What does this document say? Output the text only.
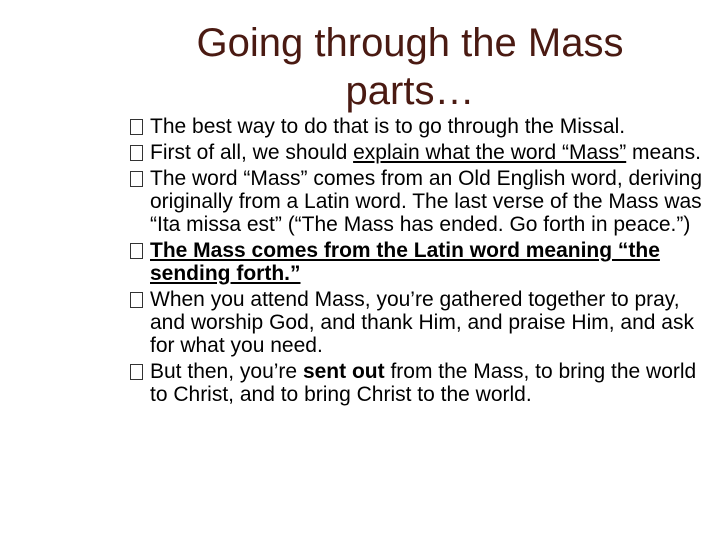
Going through the Mass
parts…
The best way to do that is to go through the Missal.
First of all, we should explain what the word “Mass” means.
The word “Mass” comes from an Old English word, deriving originally from a Latin word. The last verse of the Mass was “Ita missa est” (“The Mass has ended. Go forth in peace.”)
The Mass comes from the Latin word meaning “the sending forth.”
When you attend Mass, you’re gathered together to pray, and worship God, and thank Him, and praise Him, and ask for what you need.
But then, you’re sent out from the Mass, to bring the world to Christ, and to bring Christ to the world.
